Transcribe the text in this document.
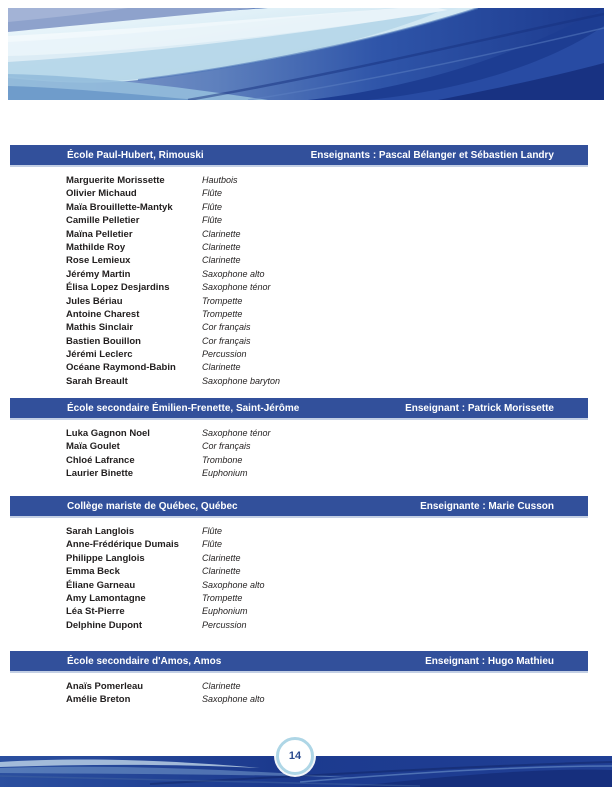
École Paul-Hubert, Rimouski	Enseignants : Pascal Bélanger et Sébastien Landry
Marguerite Morissette	Hautbois
Olivier Michaud	Flûte
Maïa Brouillette-Mantyk	Flûte
Camille Pelletier	Flûte
Maïna Pelletier	Clarinette
Mathilde Roy	Clarinette
Rose Lemieux	Clarinette
Jérémy Martin	Saxophone alto
Élisa Lopez Desjardins	Saxophone ténor
Jules Bériau	Trompette
Antoine Charest	Trompette
Mathis Sinclair	Cor français
Bastien Bouillon	Cor français
Jérémi Leclerc	Percussion
Océane Raymond-Babin	Clarinette
Sarah Breault	Saxophone baryton
École secondaire Émilien-Frenette, Saint-Jérôme	Enseignant : Patrick Morissette
Luka Gagnon Noel	Saxophone ténor
Maïa Goulet	Cor français
Chloé Lafrance	Trombone
Laurier Binette	Euphonium
Collège mariste de Québec, Québec	Enseignante : Marie Cusson
Sarah Langlois	Flûte
Anne-Frédérique Dumais	Flûte
Philippe Langlois	Clarinette
Emma Beck	Clarinette
Éliane Garneau	Saxophone alto
Amy Lamontagne	Trompette
Léa St-Pierre	Euphonium
Delphine Dupont	Percussion
École secondaire d'Amos, Amos	Enseignant : Hugo Mathieu
Anaïs Pomerleau	Clarinette
Amélie Breton	Saxophone alto
14
